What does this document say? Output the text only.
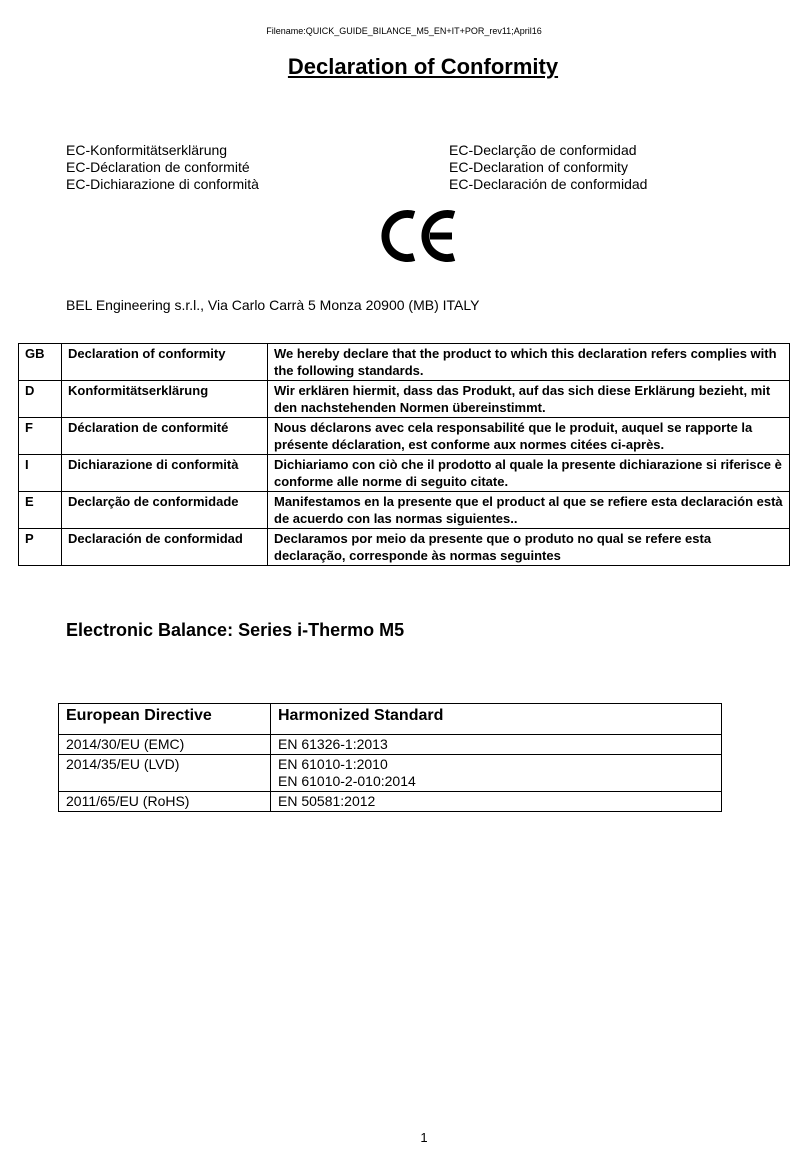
Filename:QUICK_GUIDE_BILANCE_M5_EN+IT+POR_rev11;April16
Declaration of Conformity
EC-Konformitätserklärung
EC-Déclaration de conformité
EC-Dichiarazione di conformità
EC-Declarção de conformidad
EC-Declaration of conformity
EC-Declaración de conformidad
BEL Engineering s.r.l., Via Carlo Carrà 5 Monza 20900 (MB) ITALY
GB	Declaration of conformity	We hereby declare that the product to which this declaration refers complies with the following standards.
D	Konformitätserklärung	Wir erklären hiermit, dass das Produkt, auf das sich diese Erklärung bezieht, mit den nachstehenden Normen übereinstimmt.
F	Déclaration de conformité	Nous déclarons avec cela responsabilité que le produit, auquel se rapporte la présente déclaration, est conforme aux normes citées ci-après.
I	Dichiarazione di conformità	Dichiariamo con ciò che il prodotto al quale la presente dichiarazione si riferisce è conforme alle norme di seguito citate.
E	Declarção de conformidade	Manifestamos en la presente que el product al que se refiere esta declaración està de acuerdo con las normas siguientes..
P	Declaración de conformidad	Declaramos por meio da presente que o produto no qual se refere esta declaração, corresponde às normas seguintes
Electronic Balance: Series i-Thermo M5
European Directive	Harmonized Standard
2014/30/EU (EMC)	EN 61326-1:2013

2014/35/EU (LVD)	EN 61010-1:2010
EN 61010-2-010:2014

2011/65/EU (RoHS)	EN 50581:2012
1
